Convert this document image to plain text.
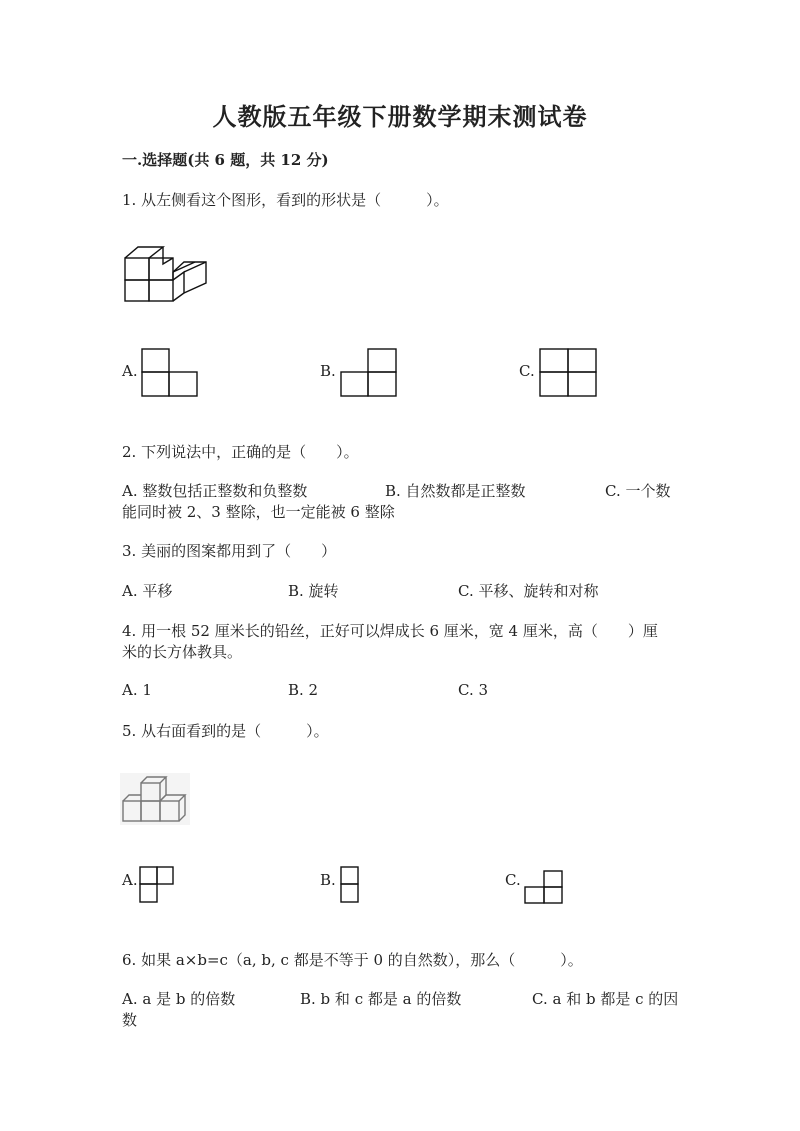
人教版五年级下册数学期末测试卷
一.选择题(共 6 题，共 12 分)
1. 从左侧看这个图形，看到的形状是（　　　）。
A.	B.	C.
2. 下列说法中，正确的是（　　）。
A. 整数包括正整数和负整数	B. 自然数都是正整数	C. 一个数
能同时被 2、3 整除，也一定能被 6 整除
3. 美丽的图案都用到了（　　）
A. 平移	B. 旋转	C. 平移、旋转和对称
4. 用一根 52 厘米长的铅丝，正好可以焊成长 6 厘米，宽 4 厘米，高（　　）厘
米的长方体教具。
A. 1	B. 2	C. 3
5. 从右面看到的是（　　　）。
A.	B.	C.
6. 如果 a×b=c（a, b, c 都是不等于 0 的自然数），那么（　　　）。
A. a 是 b 的倍数	B. b 和 c 都是 a 的倍数	C. a 和 b 都是 c 的因
数
